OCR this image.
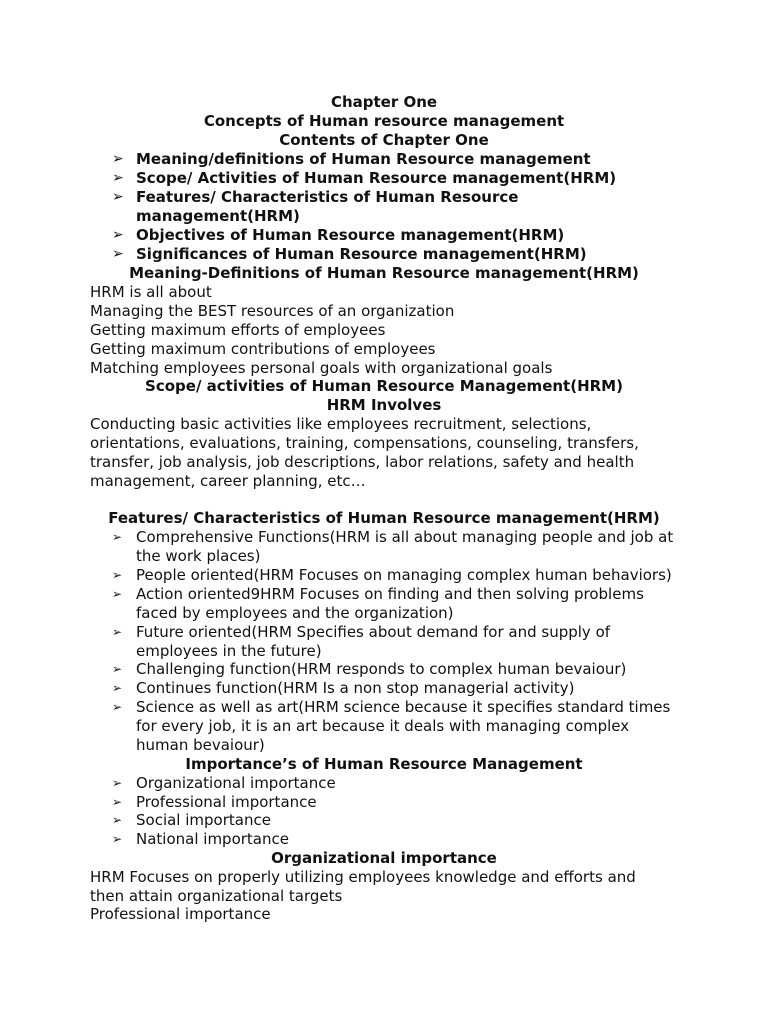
Chapter One
Concepts of Human resource management
Contents of Chapter One
➢ Meaning/definitions of Human Resource management
➢ Scope/ Activities of Human Resource management(HRM)
➢ Features/ Characteristics of Human Resource
management(HRM)
➢ Objectives of Human Resource management(HRM)
➢ Significances of Human Resource management(HRM)
Meaning-Definitions of Human Resource management(HRM)
HRM is all about
Managing the BEST resources of an organization
Getting maximum efforts of employees
Getting maximum contributions of employees
Matching employees personal goals with organizational goals
Scope/ activities of Human Resource Management(HRM)
HRM Involves
Conducting basic activities like employees recruitment, selections,
orientations, evaluations, training, compensations, counseling, transfers,
transfer, job analysis, job descriptions, labor relations, safety and health
management, career planning, etc…
Features/ Characteristics of Human Resource management(HRM)
➢ Comprehensive Functions(HRM is all about managing people and job at
the work places)
➢ People oriented(HRM Focuses on managing complex human behaviors)
➢ Action oriented9HRM Focuses on finding and then solving problems
faced by employees and the organization)
➢ Future oriented(HRM Specifies about demand for and supply of
employees in the future)
➢ Challenging function(HRM responds to complex human bevaiour)
➢ Continues function(HRM Is a non stop managerial activity)
➢ Science as well as art(HRM science because it specifies standard times
for every job, it is an art because it deals with managing complex
human bevaiour)
Importance’s of Human Resource Management
➢ Organizational importance
➢ Professional importance
➢ Social importance
➢ National importance
Organizational importance
HRM Focuses on properly utilizing employees knowledge and efforts and
then attain organizational targets
Professional importance
